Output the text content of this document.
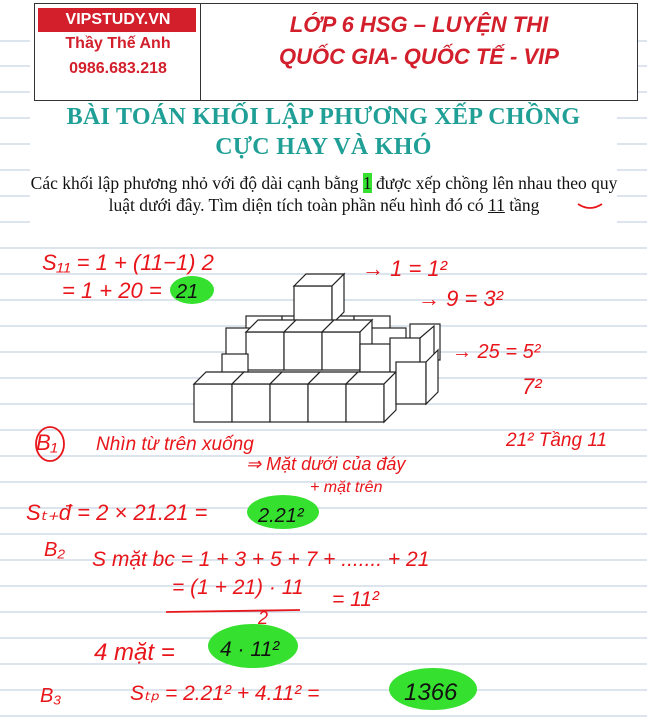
VIPSTUDY.VN
Thầy Thế Anh
0986.683.218
LỚP 6 HSG – LUYỆN THI
QUỐC GIA- QUỐC TẾ - VIP
BÀI TOÁN KHỐI LẬP PHƯƠNG XẾP CHỒNG
CỰC HAY VÀ KHÓ
Các khối lập phương nhỏ với độ dài cạnh bằng 1 được xếp chồng lên nhau theo quy luật dưới đây. Tìm diện tích toàn phần nếu hình đó có 11 tầng
S₁₁ = 1 + (11−1) 2
= 1 + 20 = 21
→ 1 = 1²
→ 9 = 3²
→ 25 = 5²
7²
B₁ Nhìn từ trên xuống	21² Tầng 11
⇒ Mặt dưới của đáy
+ mặt trên
Sₜ₊đ = 2 × 21.21 =	2.21²
B₂ S mặt bc = 1 + 3 + 5 + 7 + ....... + 21
= (1 + 21) · 11
= 11²
2
4 mặt = 4 · 11²
B₃	Sₜₚ = 2.21² + 4.11² =	1366
